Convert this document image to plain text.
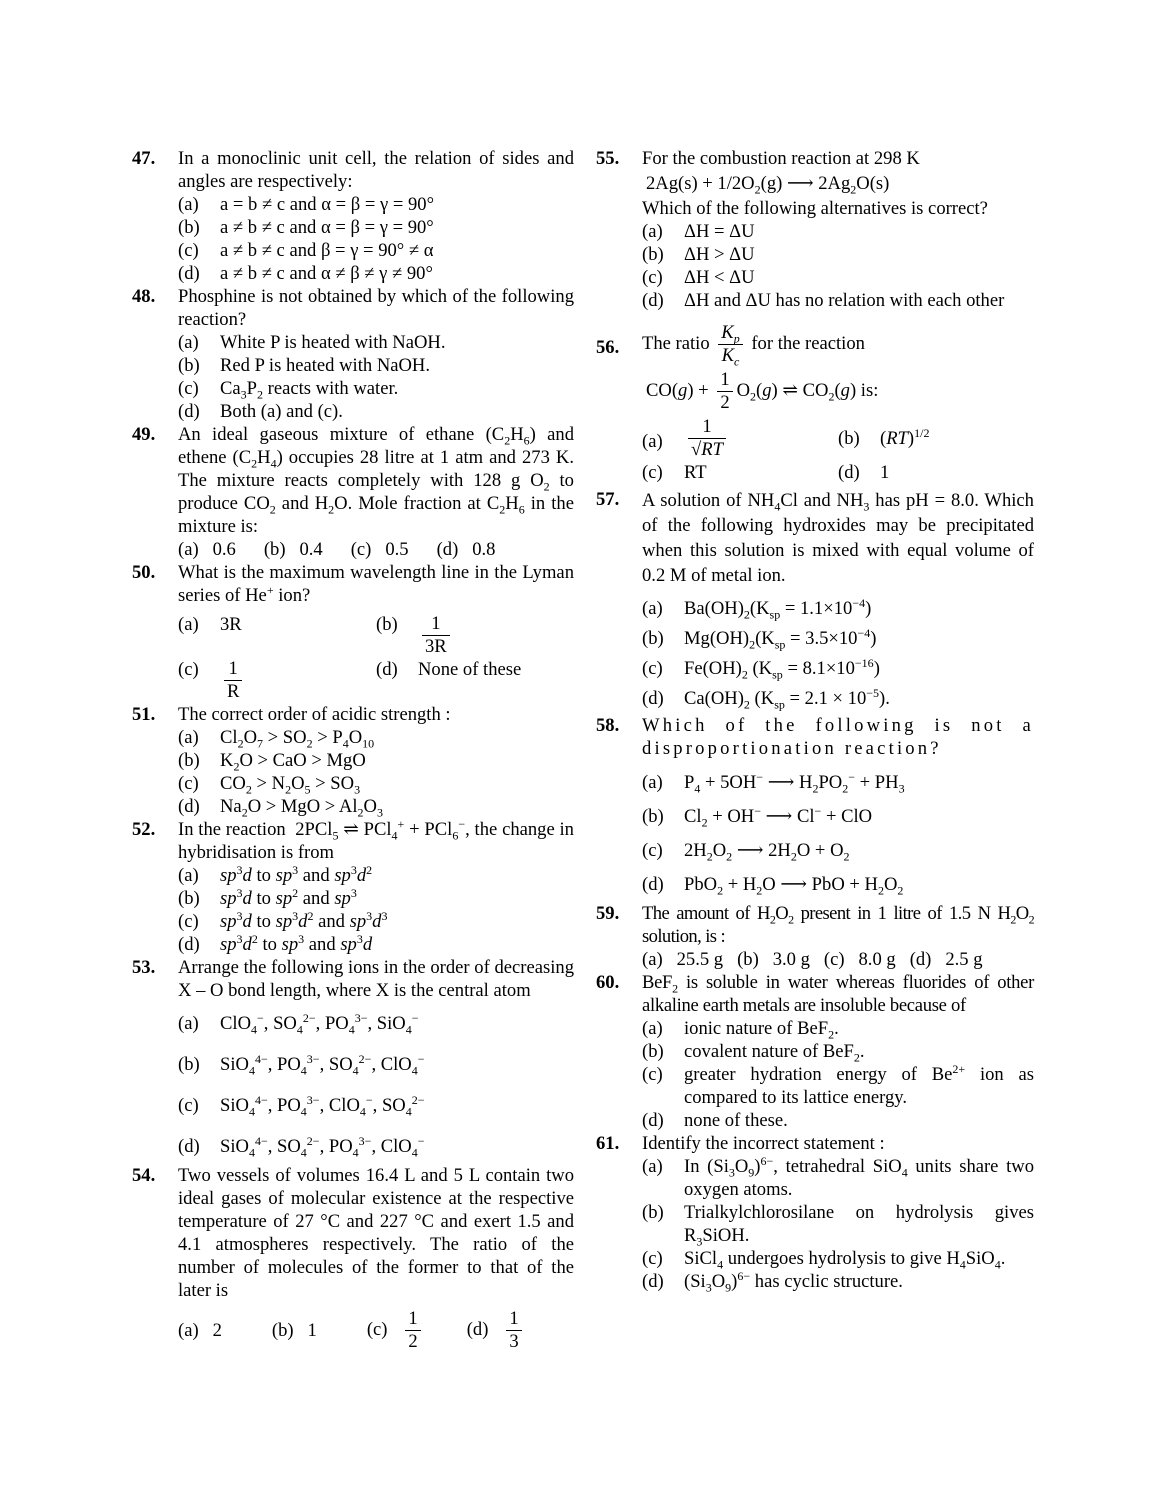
47. In a monoclinic unit cell, the relation of sides and angles are respectively:
(a) a = b ≠ c and α = β = γ = 90°
(b) a ≠ b ≠ c and α = β = γ = 90°
(c) a ≠ b ≠ c and β = γ = 90° ≠ α
(d) a ≠ b ≠ c and α ≠ β ≠ γ ≠ 90°
48. Phosphine is not obtained by which of the following reaction?
(a) White P is heated with NaOH.
(b) Red P is heated with NaOH.
(c) $Ca_3P_2$ reacts with water.
(d) Both (a) and (c).
49. An ideal gaseous mixture of ethane $(C_2H_6)$ and ethene $(C_2H_4)$ occupies 28 litre at 1 atm and 273 K. The mixture reacts completely with 128 g $O_2$ to produce $CO_2$ and $H_2O$. Mole fraction at $C_2H_6$ in the mixture is:
(a)   0.6 (b)   0.4 (c)   0.5 (d)   0.8
50. What is the maximum wavelength line in the Lyman series of He+ ion?
(a) 3R	$(b) \frac{1}{3R}$
$(c) \frac{1}{R}$	(d) None of these
51. The correct order of acidic strength :
(a) $Cl_2O_7 > SO_2 > P_4O_{10}$
(b) $K_2O$ > CaO > MgO
(c) $CO_2 > N_2O_5 > SO_3$
(d) $Na_2O$ > MgO > $Al_2O_3$
52. In the reaction  2PCl$_5$ ⇌ PCl$_4$+ + PCl$_6$−, the change in hybridisation is from
(a) $sp^3d$ to $sp^3$ and $sp^3d^2$
(b) $sp^3d$ to $sp^2$ and $sp^3$
(c) $sp^3d$ to $sp^3d^2$ and $sp^3d^3$
(d) $sp^3d^2$ to $sp^3$ and $sp^3d$
53. Arrange the following ions in the order of decreasing X – O bond length, where X is the central atom
(a) ClO$_4$−, $SO_4^{2-}$, $PO_4^{3-}$, SiO$_4$−
(b) SiO$_4^{4-}$, $PO_4^{3-}$, $SO_4^{2-}$, ClO$_4$−
(c) SiO$_4^{4-}$, $PO_4^{3-}$, ClO$_4$−, $SO_4^{2-}$
(d) SiO$_4^{4-}$, $SO_4^{2-}$, $PO_4^{3-}$, ClO$_4$−
54. Two vessels of volumes 16.4 L and 5 L contain two ideal gases of molecular existence at the respective temperature of 27 °C and 227 °C and exert 1.5 and 4.1 atmospheres respectively. The ratio of the number of molecules of the former to that of the later is
(a)   2	(b)   1	$(c) \frac{1}{2} (d) \frac{1}{3}$
55. For the combustion reaction at 298 K
$2Ag(s) + 1/2O_2(g)$ ⟶ $2Ag_2O(s)$
Which of the following alternatives is correct?
(a) ΔH = ΔU
(b) ΔH > ΔU
(c) ΔH < ΔU
(d) ΔH and ΔU has no relation with each other
56. The ratio $\frac{K_p}{K_c}$ for the reaction
$CO(g) + \frac{1}{2} O_2(g)$ ⇌ $CO_2(g)$ is:
$(a) \frac{1}{√RT}$	(b) (RT)$^{1/2}$
(c) RT	(d) 1
57. A solution of $NH_4Cl$ and $NH_3$ has pH = 8.0. Which of the following hydroxides may be precipitated when this solution is mixed with equal volume of 0.2 M of metal ion.
(a) $Ba(OH)_2(K_{sp} = 1.1\times 10^{-4})$
(b) $Mg(OH)_2(K_{sp} = 3.5\times 10^{-4})$
(c) $Fe(OH)_2$ $(K_{sp} = 8.1\times 10^{-16})$
(d) $Ca(OH)_2$ $(K_{sp} = 2.1 \times 10^{-5})$.
58. Which of the following is not a disproportionation reaction?
(a) $P_4 + 5OH^-$ ⟶ $H_2PO_2^- + PH_3$
(b) $Cl_2 + OH^-$ ⟶ Cl− + ClO
(c) $2H_2O_2$ ⟶ $2H_2O + O_2$
(d) $PbO_2 + H_2O$ ⟶ PbO + $H_2O_2$
59. The amount of $H_2O_2$ present in 1 litre of 1.5 N $H_2O_2$ solution, is :
(a)   25.5 g (b)   3.0 g (c)   8.0 g (d)   2.5 g
60. BeF$_2$ is soluble in water whereas fluorides of other alkaline earth metals are insoluble because of
(a) ionic nature of BeF$_2$.
(b) covalent nature of BeF$_2$.
(c) greater hydration energy of $Be^{2+}$ ion as compared to its lattice energy.
(d) none of these.
61. Identify the incorrect statement :
(a) In $(Si_3O_9)^{6-}$, tetrahedral SiO$_4$ units share two oxygen atoms.
(b) Trialkylchlorosilane on hydrolysis gives $R_3SiOH$.
(c) SiCl$_4$ undergoes hydrolysis to give $H_4SiO_4$.
(d) $(Si_3O_9)^{6-}$ has cyclic structure.
